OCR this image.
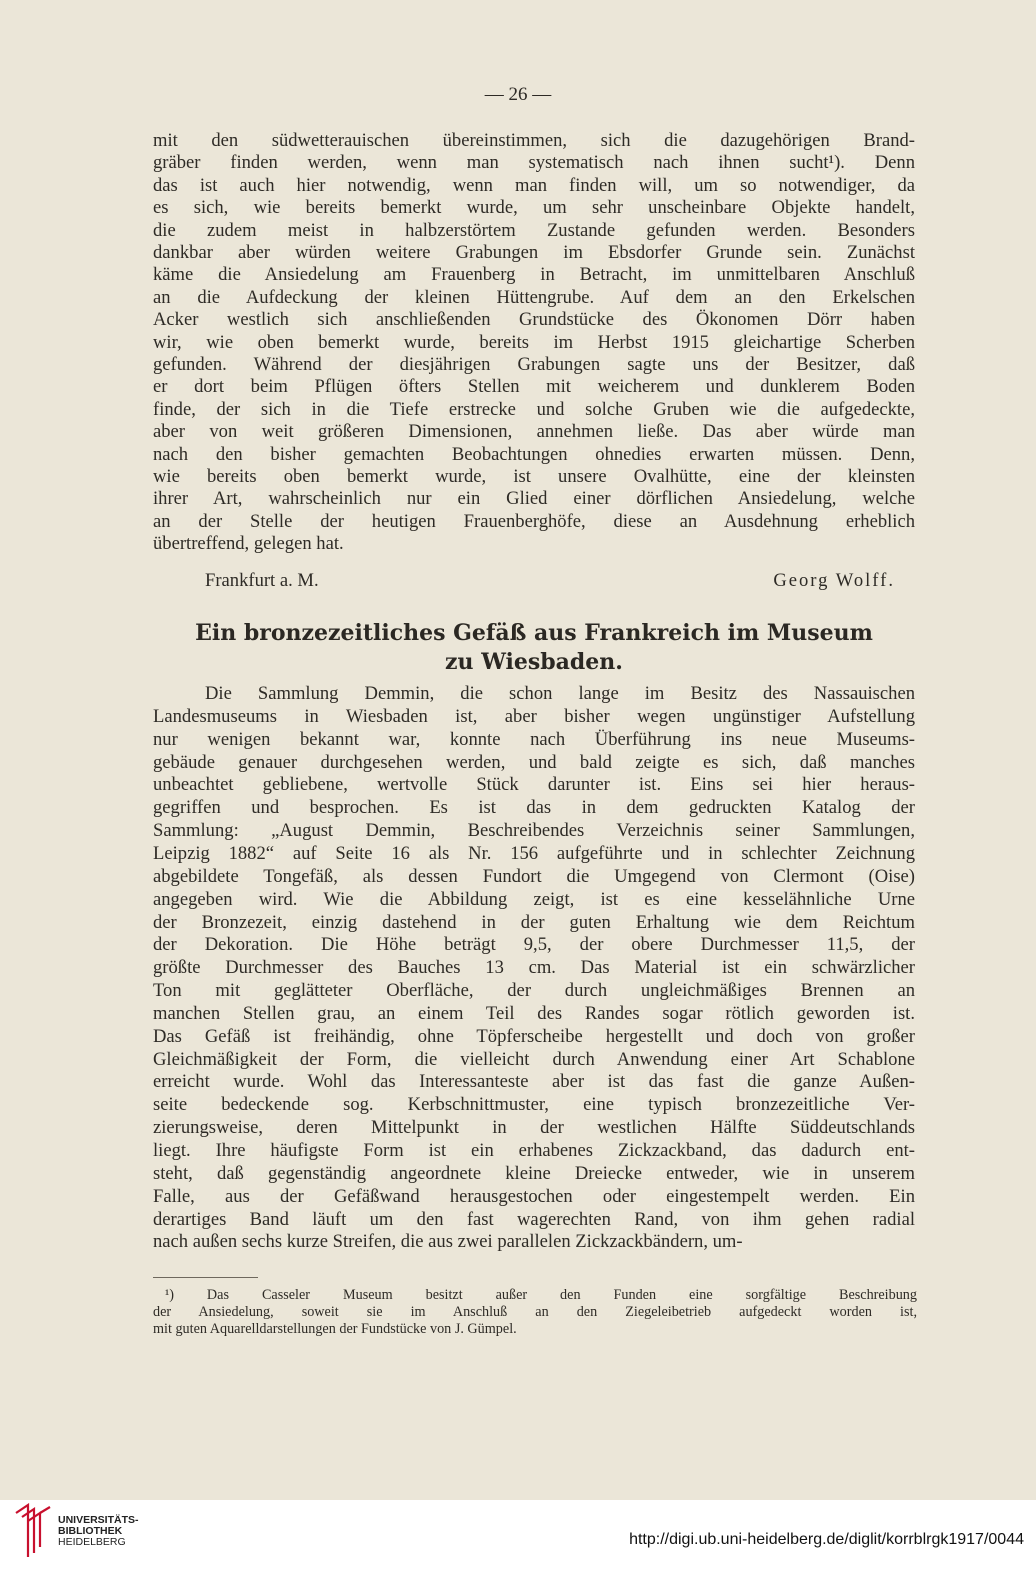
— 26 —
mit den südwetterauischen übereinstimmen, sich die dazugehörigen Brand-
gräber finden werden, wenn man systematisch nach ihnen sucht¹). Denn
das ist auch hier notwendig, wenn man finden will, um so notwendiger, da
es sich, wie bereits bemerkt wurde, um sehr unscheinbare Objekte handelt,
die zudem meist in halbzerstörtem Zustande gefunden werden. Besonders
dankbar aber würden weitere Grabungen im Ebsdorfer Grunde sein. Zunächst
käme die Ansiedelung am Frauenberg in Betracht, im unmittelbaren Anschluß
an die Aufdeckung der kleinen Hüttengrube. Auf dem an den Erkelschen
Acker westlich sich anschließenden Grundstücke des Ökonomen Dörr haben
wir, wie oben bemerkt wurde, bereits im Herbst 1915 gleichartige Scherben
gefunden. Während der diesjährigen Grabungen sagte uns der Besitzer, daß
er dort beim Pflügen öfters Stellen mit weicherem und dunklerem Boden
finde, der sich in die Tiefe erstrecke und solche Gruben wie die aufgedeckte,
aber von weit größeren Dimensionen, annehmen ließe. Das aber würde man
nach den bisher gemachten Beobachtungen ohnedies erwarten müssen. Denn,
wie bereits oben bemerkt wurde, ist unsere Ovalhütte, eine der kleinsten
ihrer Art, wahrscheinlich nur ein Glied einer dörflichen Ansiedelung, welche
an der Stelle der heutigen Frauenberghöfe, diese an Ausdehnung erheblich
übertreffend, gelegen hat.
Frankfurt a. M.	Georg Wolff.
Ein bronzezeitliches Gefäß aus Frankreich im Museum
zu Wiesbaden.
Die Sammlung Demmin, die schon lange im Besitz des Nassauischen
Landesmuseums in Wiesbaden ist, aber bisher wegen ungünstiger Aufstellung
nur wenigen bekannt war, konnte nach Überführung ins neue Museums-
gebäude genauer durchgesehen werden, und bald zeigte es sich, daß manches
unbeachtet gebliebene, wertvolle Stück darunter ist. Eins sei hier heraus-
gegriffen und besprochen. Es ist das in dem gedruckten Katalog der
Sammlung: „August Demmin, Beschreibendes Verzeichnis seiner Sammlungen,
Leipzig 1882“ auf Seite 16 als Nr. 156 aufgeführte und in schlechter Zeichnung
abgebildete Tongefäß, als dessen Fundort die Umgegend von Clermont (Oise)
angegeben wird. Wie die Abbildung zeigt, ist es eine kesselähnliche Urne
der Bronzezeit, einzig dastehend in der guten Erhaltung wie dem Reichtum
der Dekoration. Die Höhe beträgt 9,5, der obere Durchmesser 11,5, der
größte Durchmesser des Bauches 13 cm. Das Material ist ein schwärzlicher
Ton mit geglätteter Oberfläche, der durch ungleichmäßiges Brennen an
manchen Stellen grau, an einem Teil des Randes sogar rötlich geworden ist.
Das Gefäß ist freihändig, ohne Töpferscheibe hergestellt und doch von großer
Gleichmäßigkeit der Form, die vielleicht durch Anwendung einer Art Schablone
erreicht wurde. Wohl das Interessanteste aber ist das fast die ganze Außen-
seite bedeckende sog. Kerbschnittmuster, eine typisch bronzezeitliche Ver-
zierungsweise, deren Mittelpunkt in der westlichen Hälfte Süddeutschlands
liegt. Ihre häufigste Form ist ein erhabenes Zickzackband, das dadurch ent-
steht, daß gegenständig angeordnete kleine Dreiecke entweder, wie in unserem
Falle, aus der Gefäßwand herausgestochen oder eingestempelt werden. Ein
derartiges Band läuft um den fast wagerechten Rand, von ihm gehen radial
nach außen sechs kurze Streifen, die aus zwei parallelen Zickzackbändern, um-
¹) Das Casseler Museum besitzt außer den Funden eine sorgfältige Beschreibung
der Ansiedelung, soweit sie im Anschluß an den Ziegeleibetrieb aufgedeckt worden ist,
mit guten Aquarelldarstellungen der Fundstücke von J. Gümpel.
UNIVERSITÄTS-
BIBLIOTHEK
HEIDELBERG	http://digi.ub.uni-heidelberg.de/diglit/korrblrgk1917/0044
